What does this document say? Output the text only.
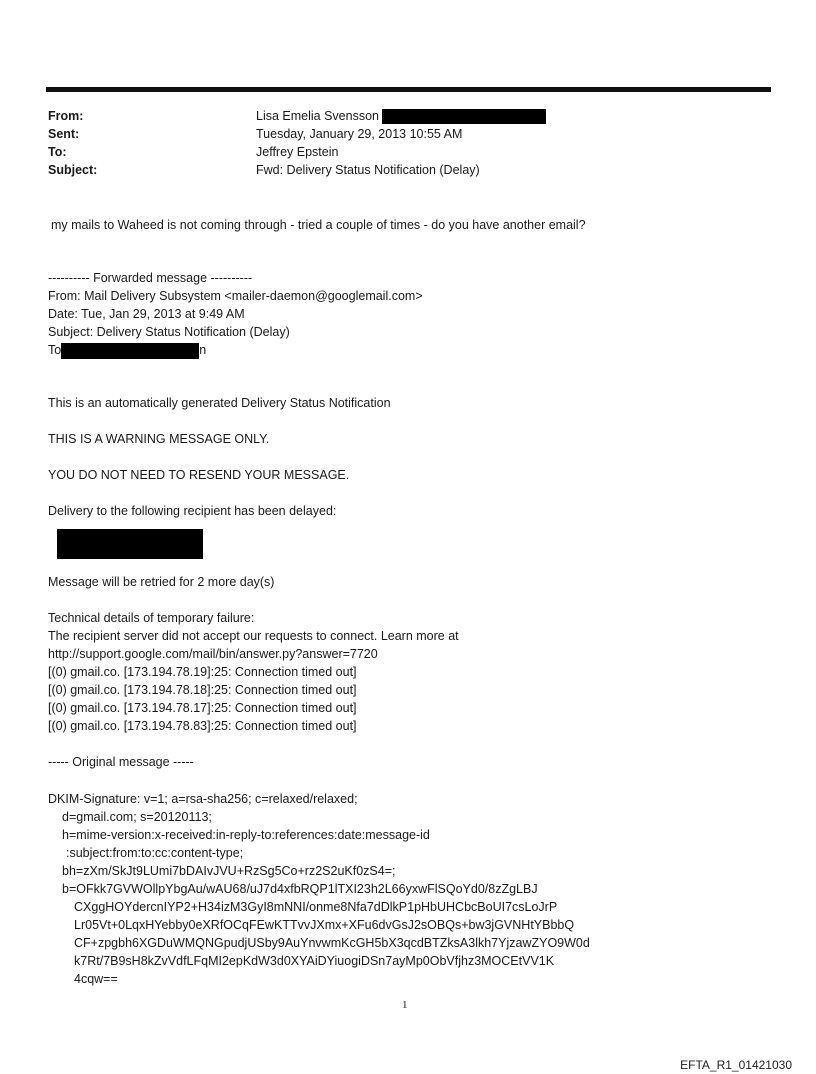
From:	Lisa Emelia Svensson
Sent:	Tuesday, January 29, 2013 10:55 AM
To:	Jeffrey Epstein
Subject:	Fwd: Delivery Status Notification (Delay)
my mails to Waheed is not coming through - tried a couple of times - do you have another email?
---------- Forwarded message ----------
From: Mail Delivery Subsystem <mailer-daemon@googlemail.com>
Date: Tue, Jan 29, 2013 at 9:49 AM
Subject: Delivery Status Notification (Delay)
To	n
This is an automatically generated Delivery Status Notification
THIS IS A WARNING MESSAGE ONLY.
YOU DO NOT NEED TO RESEND YOUR MESSAGE.
Delivery to the following recipient has been delayed:
Message will be retried for 2 more day(s)
Technical details of temporary failure:
The recipient server did not accept our requests to connect. Learn more at
http://support.google.com/mail/bin/answer.py?answer=7720
[(0) gmail.co. [173.194.78.19]:25: Connection timed out]
[(0) gmail.co. [173.194.78.18]:25: Connection timed out]
[(0) gmail.co. [173.194.78.17]:25: Connection timed out]
[(0) gmail.co. [173.194.78.83]:25: Connection timed out]
----- Original message -----
DKIM-Signature: v=1; a=rsa-sha256; c=relaxed/relaxed;
d=gmail.com; s=20120113;
h=mime-version:x-received:in-reply-to:references:date:message-id
:subject:from:to:cc:content-type;
bh=zXm/SkJt9LUmi7bDAIvJVU+RzSg5Co+rz2S2uKf0zS4=;
b=OFkk7GVWOllpYbgAu/wAU68/uJ7d4xfbRQP1lTXI23h2L66yxwFlSQoYd0/8zZgLBJ
CXggHOYdercnIYP2+H34izM3GyI8mNNI/onme8Nfa7dDlkP1pHbUHCbcBoUI7csLoJrP
Lr05Vt+0LqxHYebby0eXRfOCqFEwKTTvvJXmx+XFu6dvGsJ2sOBQs+bw3jGVNHtYBbbQ
CF+zpgbh6XGDuWMQNGpudjUSby9AuYnvwmKcGH5bX3qcdBTZksA3lkh7YjzawZYO9W0d
k7Rt/7B9sH8kZvVdfLFqMI2epKdW3d0XYAiDYiuogiDSn7ayMp0ObVfjhz3MOCEtVV1K
4cqw==
1
EFTA_R1_01421030
